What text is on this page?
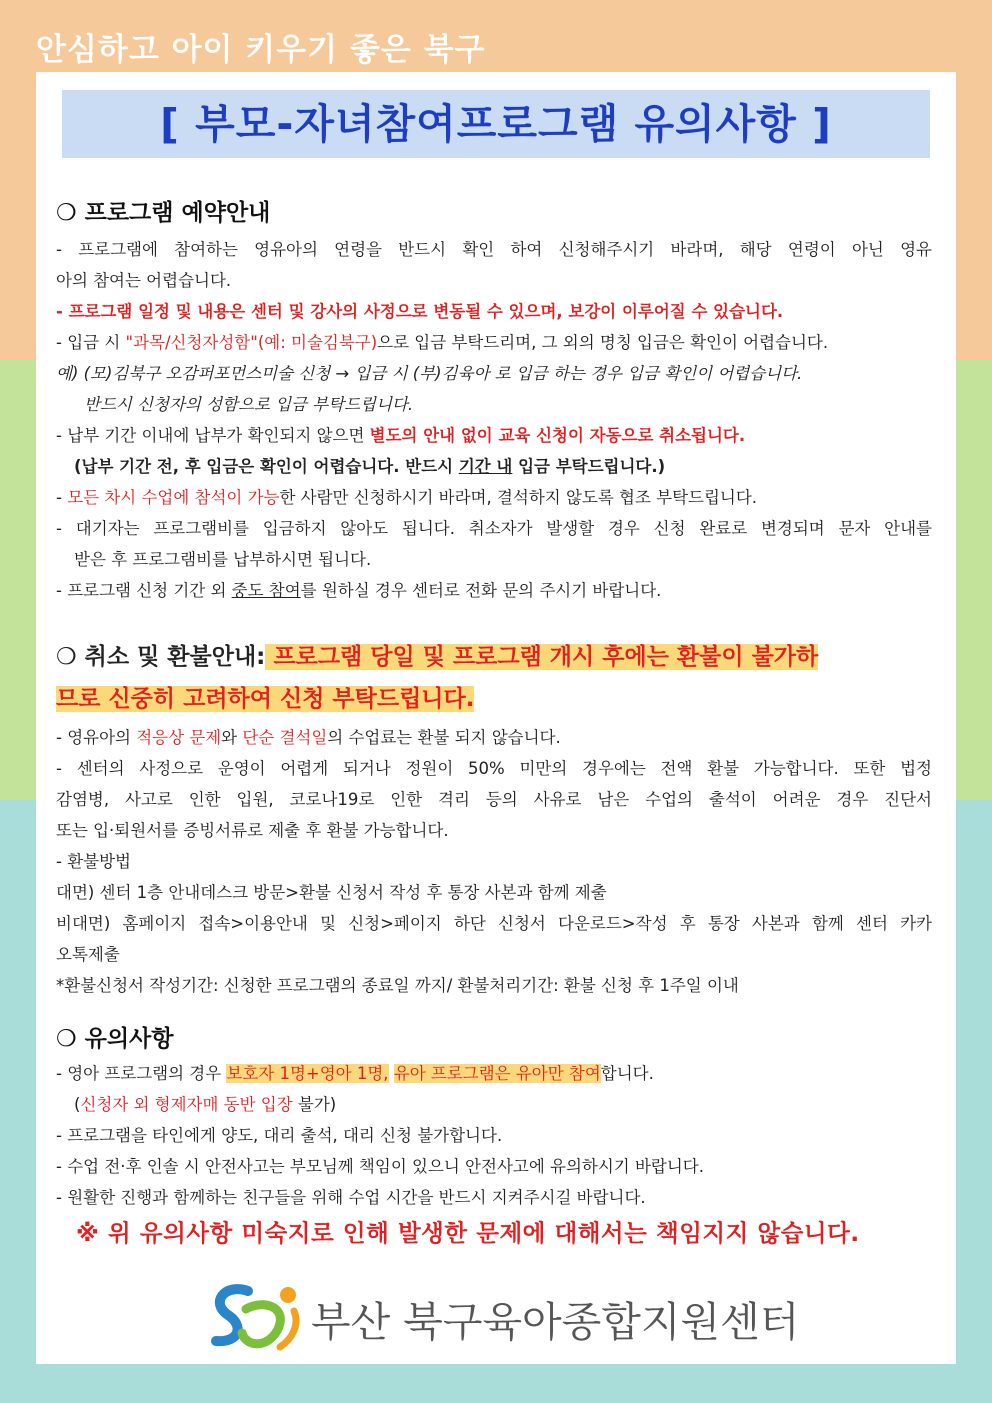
안심하고 아이 키우기 좋은 북구
[ 부모-자녀참여프로그램 유의사항 ]
❍ 프로그램 예약안내
- 프로그램에 참여하는 영유아의 연령을 반드시 확인 하여 신청해주시기 바라며, 해당 연령이 아닌 영유
아의 참여는 어렵습니다.
- 프로그램 일정 및 내용은 센터 및 강사의 사정으로 변동될 수 있으며, 보강이 이루어질 수 있습니다.
- 입금 시 "과목/신청자성함"(예: 미술김북구)으로 입금 부탁드리며, 그 외의 명칭 입금은 확인이 어렵습니다.
예) (모)김북구 오감퍼포먼스미술 신청 → 입금 시 (부)김육아 로 입금 하는 경우 입금 확인이 어렵습니다.
반드시 신청자의 성함으로 입금 부탁드립니다.
- 납부 기간 이내에 납부가 확인되지 않으면 별도의 안내 없이 교육 신청이 자동으로 취소됩니다.
(납부 기간 전, 후 입금은 확인이 어렵습니다. 반드시 기간 내 입금 부탁드립니다.)
- 모든 차시 수업에 참석이 가능한 사람만 신청하시기 바라며, 결석하지 않도록 협조 부탁드립니다.
- 대기자는 프로그램비를 입금하지 않아도 됩니다. 취소자가 발생할 경우 신청 완료로 변경되며 문자 안내를
받은 후 프로그램비를 납부하시면 됩니다.
- 프로그램 신청 기간 외 중도 참여를 원하실 경우 센터로 전화 문의 주시기 바랍니다.
❍ 취소 및 환불안내: 프로그램 당일 및 프로그램 개시 후에는 환불이 불가하
므로 신중히 고려하여 신청 부탁드립니다.
- 영유아의 적응상 문제와 단순 결석일의 수업료는 환불 되지 않습니다.
- 센터의 사정으로 운영이 어렵게 되거나 정원이 50% 미만의 경우에는 전액 환불 가능합니다. 또한 법정
감염병, 사고로 인한 입원, 코로나19로 인한 격리 등의 사유로 남은 수업의 출석이 어려운 경우 진단서
또는 입·퇴원서를 증빙서류로 제출 후 환불 가능합니다.
- 환불방법
대면) 센터 1층 안내데스크 방문>환불 신청서 작성 후 통장 사본과 함께 제출
비대면) 홈페이지 접속>이용안내 및 신청>페이지 하단 신청서 다운로드>작성 후 통장 사본과 함께 센터 카카
오톡제출
*환불신청서 작성기간: 신청한 프로그램의 종료일 까지/ 환불처리기간: 환불 신청 후 1주일 이내
❍ 유의사항
- 영아 프로그램의 경우 보호자 1명+영아 1명, 유아 프로그램은 유아만 참여합니다.
(신청자 외 형제자매 동반 입장 불가)
- 프로그램을 타인에게 양도, 대리 출석, 대리 신청 불가합니다.
- 수업 전·후 인솔 시 안전사고는 부모님께 책임이 있으니 안전사고에 유의하시기 바랍니다.
- 원활한 진행과 함께하는 친구들을 위해 수업 시간을 반드시 지켜주시길 바랍니다.
※ 위 유의사항 미숙지로 인해 발생한 문제에 대해서는 책임지지 않습니다.
부산 북구육아종합지원센터
